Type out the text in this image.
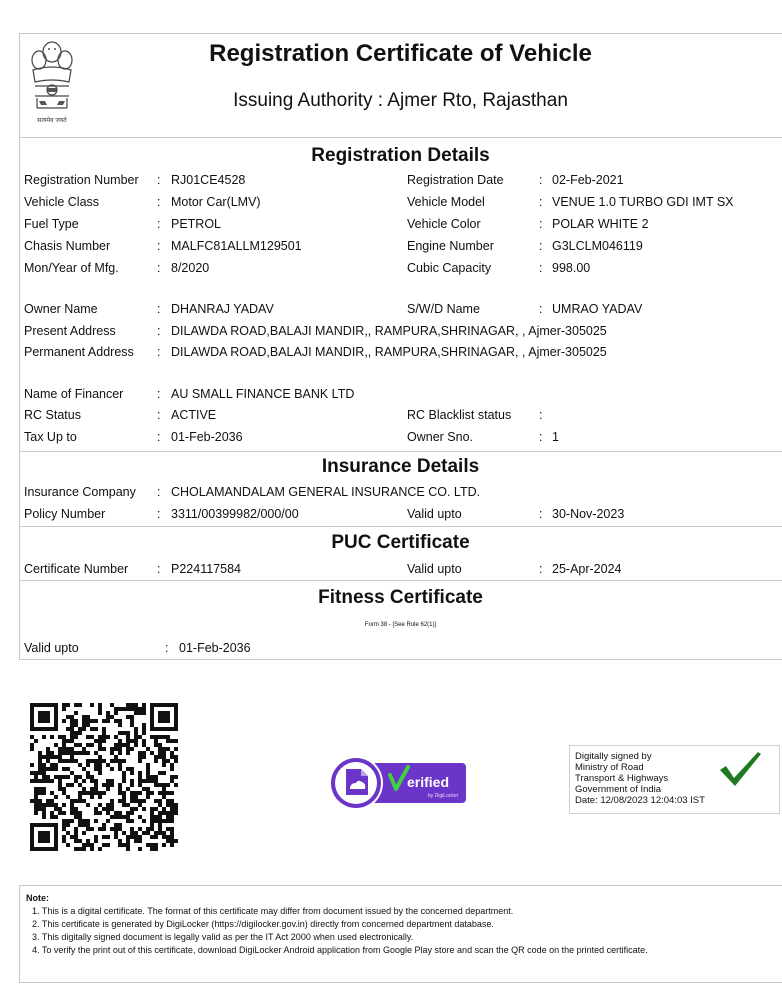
सत्यमेव जयते
Registration Certificate of Vehicle
Issuing Authority : Ajmer Rto, Rajasthan
Registration Details
Registration Number : RJ01CE4528	Registration Date	: 02-Feb-2021
Vehicle Class	: Motor Car(LMV)	Vehicle Model	: VENUE 1.0 TURBO GDI IMT SX
Fuel Type	: PETROL	Vehicle Color	: POLAR WHITE 2
Chasis Number	: MALFC81ALLM129501	Engine Number	: G3LCLM046119
Mon/Year of Mfg.	: 8/2020	Cubic Capacity	: 998.00
Owner Name	: DHANRAJ YADAV	S/W/D Name	: UMRAO YADAV
Present Address	: DILAWDA ROAD,BALAJI MANDIR,, RAMPURA,SHRINAGAR, , Ajmer-305025
Permanent Address : DILAWDA ROAD,BALAJI MANDIR,, RAMPURA,SHRINAGAR, , Ajmer-305025
Name of Financer	: AU SMALL FINANCE BANK LTD
RC Status	: ACTIVE	RC Blacklist status :
Tax Up to	: 01-Feb-2036	Owner Sno.	: 1
Insurance Details
Insurance Company : CHOLAMANDALAM GENERAL INSURANCE CO. LTD.
Policy Number	: 3311/00399982/000/00	Valid upto	: 30-Nov-2023
PUC Certificate
Certificate Number : P224117584	Valid upto	: 25-Apr-2024
Fitness Certificate
Form 38 - [See Rule 62(1)]
Valid upto	: 01-Feb-2036
erified
by DigiLocker
Digitally signed by
Ministry of Road
Transport & Highways
Government of India
Date: 12/08/2023 12:04:03 IST
Note:
1. This is a digital certificate. The format of this certificate may differ from document issued by the concerned department.
2. This certificate is generated by DigiLocker (https://digilocker.gov.in) directly from concerned department database.
3. This digitally signed document is legally valid as per the IT Act 2000 when used electronically.
4. To verify the print out of this certificate, download DigiLocker Android application from Google Play store and scan the QR code on the printed certificate.
